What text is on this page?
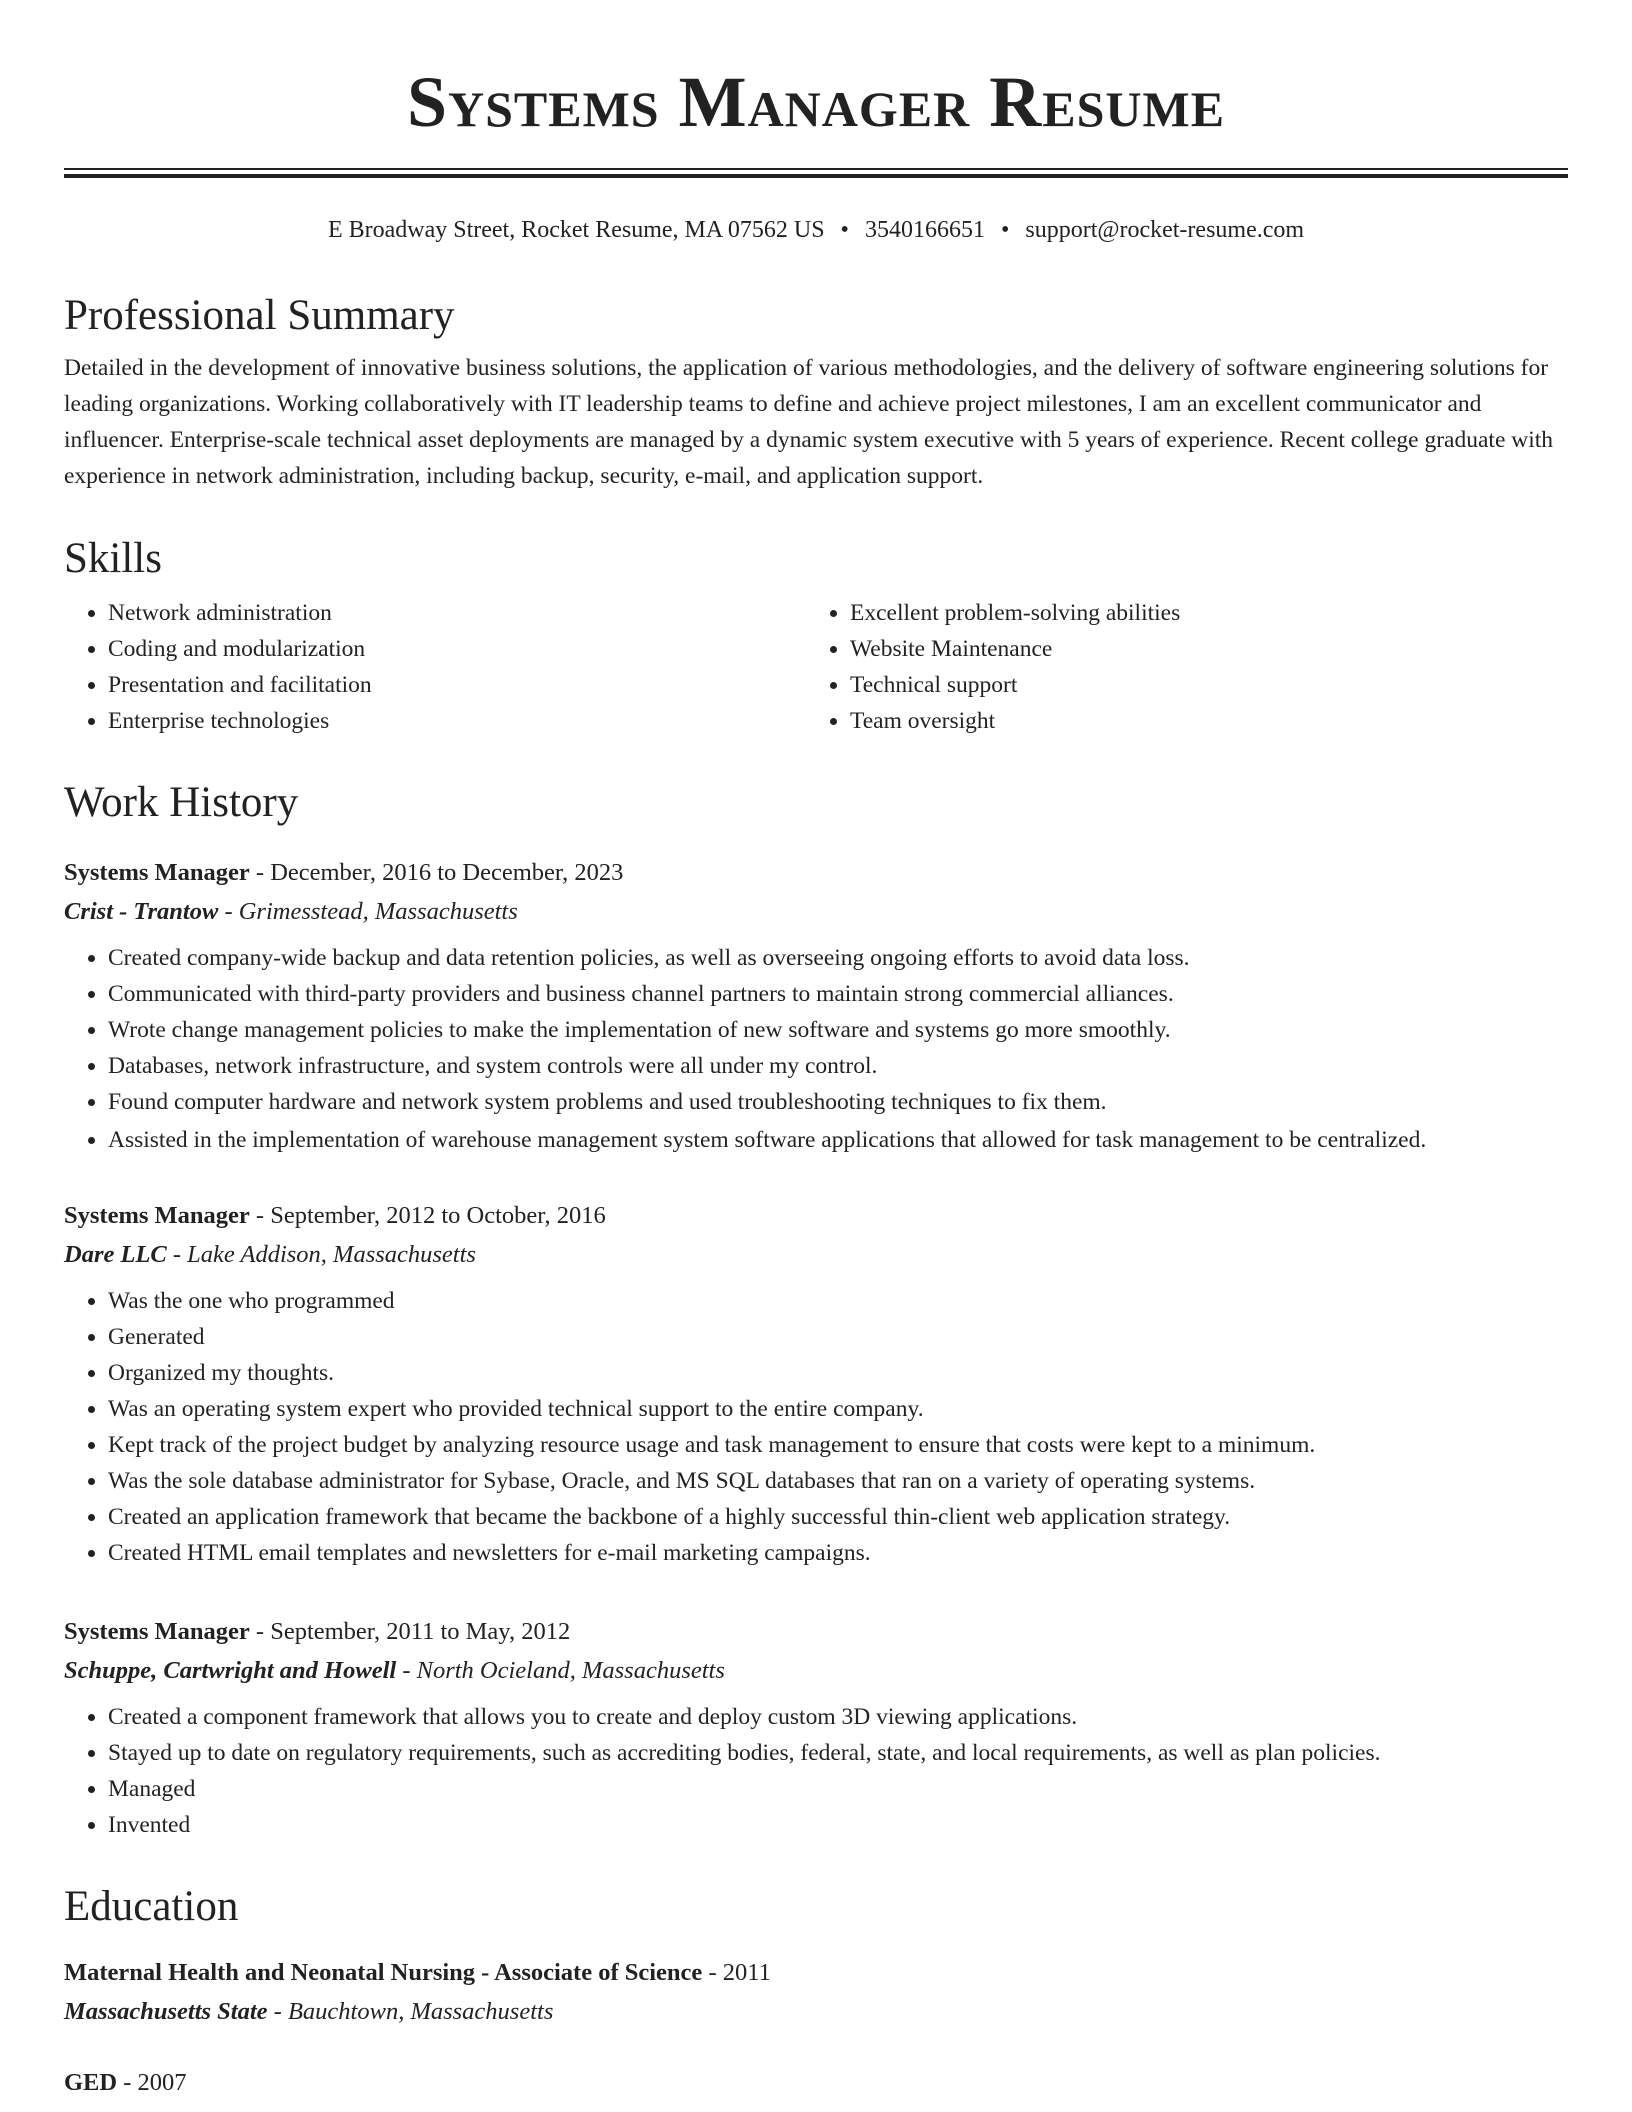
Systems Manager Resume
E Broadway Street, Rocket Resume, MA 07562 US • 3540166651 • support@rocket-resume.com
Professional Summary

Detailed in the development of innovative business solutions, the application of various methodologies, and the delivery of software engineering solutions for leading organizations. Working collaboratively with IT leadership teams to define and achieve project milestones, I am an excellent communicator and influencer. Enterprise-scale technical asset deployments are managed by a dynamic system executive with 5 years of experience. Recent college graduate with experience in network administration, including backup, security, e-mail, and application support.

Skills
• Network administration
• Coding and modularization
• Presentation and facilitation
• Enterprise technologies
• Excellent problem-solving abilities
• Website Maintenance
• Technical support
• Team oversight
Work History
Systems Manager - December, 2016 to December, 2023
Crist - Trantow - Grimesstead, Massachusetts
• Created company-wide backup and data retention policies, as well as overseeing ongoing efforts to avoid data loss.
• Communicated with third-party providers and business channel partners to maintain strong commercial alliances.
• Wrote change management policies to make the implementation of new software and systems go more smoothly.
• Databases, network infrastructure, and system controls were all under my control.
• Found computer hardware and network system problems and used troubleshooting techniques to fix them.
• Assisted in the implementation of warehouse management system software applications that allowed for task management to be centralized.
Systems Manager - September, 2012 to October, 2016
Dare LLC - Lake Addison, Massachusetts
• Was the one who programmed
• Generated
• Organized my thoughts.
• Was an operating system expert who provided technical support to the entire company.
• Kept track of the project budget by analyzing resource usage and task management to ensure that costs were kept to a minimum.
• Was the sole database administrator for Sybase, Oracle, and MS SQL databases that ran on a variety of operating systems.
• Created an application framework that became the backbone of a highly successful thin-client web application strategy.
• Created HTML email templates and newsletters for e-mail marketing campaigns.
Systems Manager - September, 2011 to May, 2012
Schuppe, Cartwright and Howell - North Ocieland, Massachusetts
• Created a component framework that allows you to create and deploy custom 3D viewing applications.
• Stayed up to date on regulatory requirements, such as accrediting bodies, federal, state, and local requirements, as well as plan policies.
• Managed
• Invented
Education
Maternal Health and Neonatal Nursing - Associate of Science - 2011
Massachusetts State - Bauchtown, Massachusetts
GED - 2007
